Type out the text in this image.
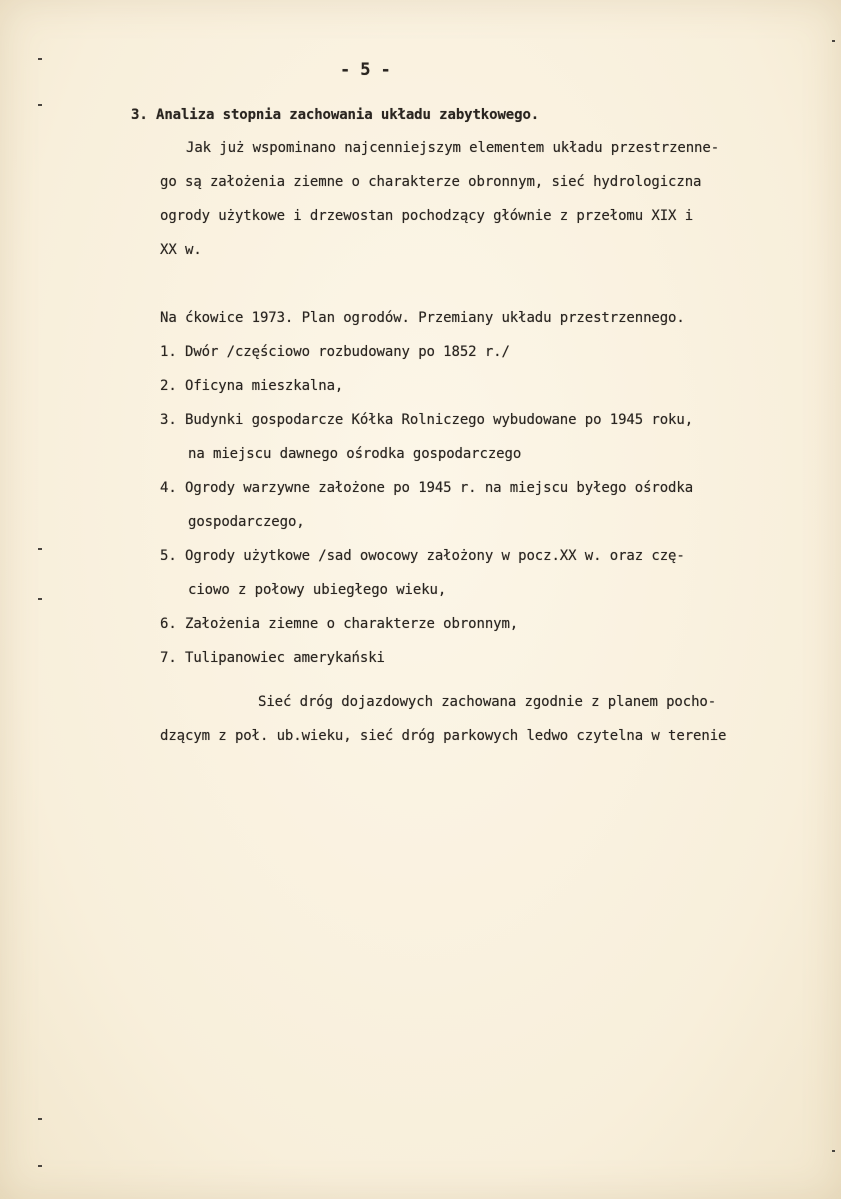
- 5 -
3. Analiza stopnia zachowania układu zabytkowego.
Jak już wspominano najcenniejszym elementem układu przestrzenne-
go są założenia ziemne o charakterze obronnym, sieć hydrologiczna
ogrody użytkowe i drzewostan pochodzący głównie z przełomu XIX i
XX w.
Na ćkowice 1973. Plan ogrodów. Przemiany układu przestrzennego.
1. Dwór /częściowo rozbudowany po 1852 r./
2. Oficyna mieszkalna,
3. Budynki gospodarcze Kółka Rolniczego wybudowane po 1945 roku,
na miejscu dawnego ośrodka gospodarczego
4. Ogrody warzywne założone po 1945 r. na miejscu byłego ośrodka
gospodarczego,
5. Ogrody użytkowe /sad owocowy założony w pocz.XX w. oraz czę-
ciowo z połowy ubiegłego wieku,
6. Założenia ziemne o charakterze obronnym,
7. Tulipanowiec amerykański
Sieć dróg dojazdowych zachowana zgodnie z planem pocho-
dzącym z poł. ub.wieku, sieć dróg parkowych ledwo czytelna w terenie
